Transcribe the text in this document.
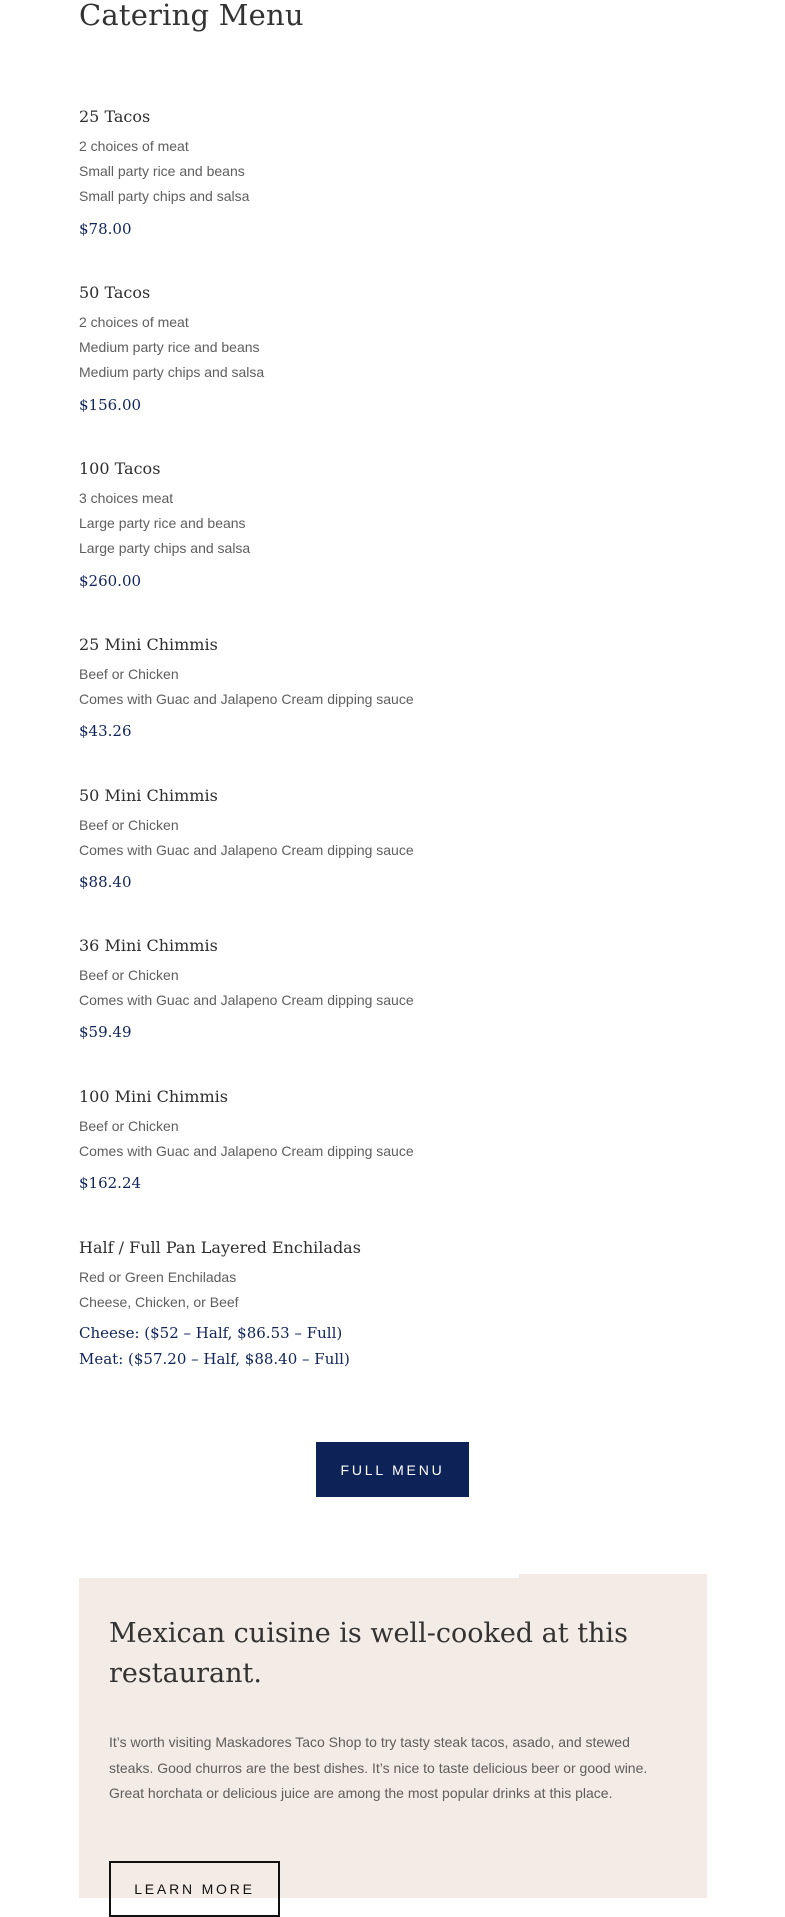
Catering Menu
25 Tacos
2 choices of meat
Small party rice and beans
Small party chips and salsa
$78.00
50 Tacos
2 choices of meat
Medium party rice and beans
Medium party chips and salsa
$156.00
100 Tacos
3 choices meat
Large party rice and beans
Large party chips and salsa
$260.00
25 Mini Chimmis
Beef or Chicken
Comes with Guac and Jalapeno Cream dipping sauce
$43.26
50 Mini Chimmis
Beef or Chicken
Comes with Guac and Jalapeno Cream dipping sauce
$88.40
36 Mini Chimmis
Beef or Chicken
Comes with Guac and Jalapeno Cream dipping sauce
$59.49
100 Mini Chimmis
Beef or Chicken
Comes with Guac and Jalapeno Cream dipping sauce
$162.24
Half / Full Pan Layered Enchiladas
Red or Green Enchiladas
Cheese, Chicken, or Beef
Cheese: ($52 – Half, $86.53 – Full)
Meat: ($57.20 – Half, $88.40 – Full)
FULL MENU
Mexican cuisine is well-cooked at this restaurant.

It’s worth visiting Maskadores Taco Shop to try tasty steak tacos, asado, and stewed steaks. Good churros are the best dishes. It’s nice to taste delicious beer or good wine. Great horchata or delicious juice are among the most popular drinks at this place.

LEARN MORE
